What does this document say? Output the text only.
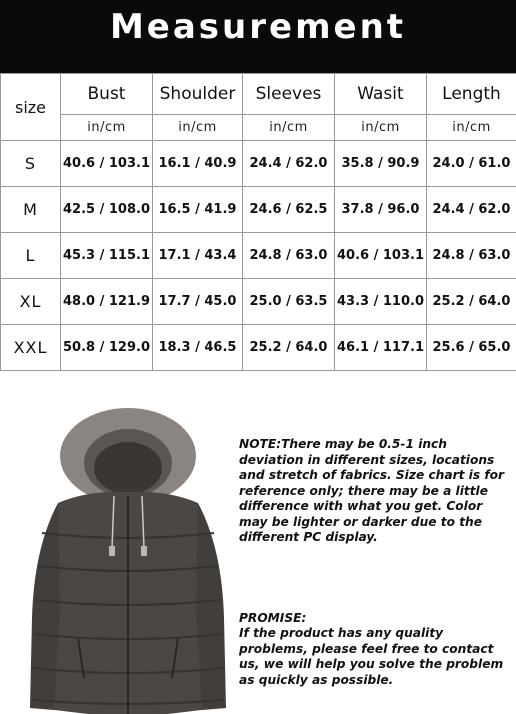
Measurement
size	Bust	Shoulder	Sleeves	Wasit	Length
	in/cm	in/cm	in/cm	in/cm	in/cm
S	40.6 / 103.1	16.1 / 40.9	24.4 / 62.0	35.8 / 90.9	24.0 / 61.0
M	42.5 / 108.0	16.5 / 41.9	24.6 / 62.5	37.8 / 96.0	24.4 / 62.0
L	45.3 / 115.1	17.1 / 43.4	24.8 / 63.0	40.6 / 103.1	24.8 / 63.0
XL	48.0 / 121.9	17.7 / 45.0	25.0 / 63.5	43.3 / 110.0	25.2 / 64.0
XXL	50.8 / 129.0	18.3 / 46.5	25.2 / 64.0	46.1 / 117.1	25.6 / 65.0

NOTE:There may be 0.5-1 inch deviation in different sizes, locations and stretch of fabrics. Size chart is for reference only; there may be a little difference with what you get. Color may be lighter or darker due to the different PC display.

PROMISE:

If the product has any quality problems, please feel free to contact us, we will help you solve the problem as quickly as possible.
